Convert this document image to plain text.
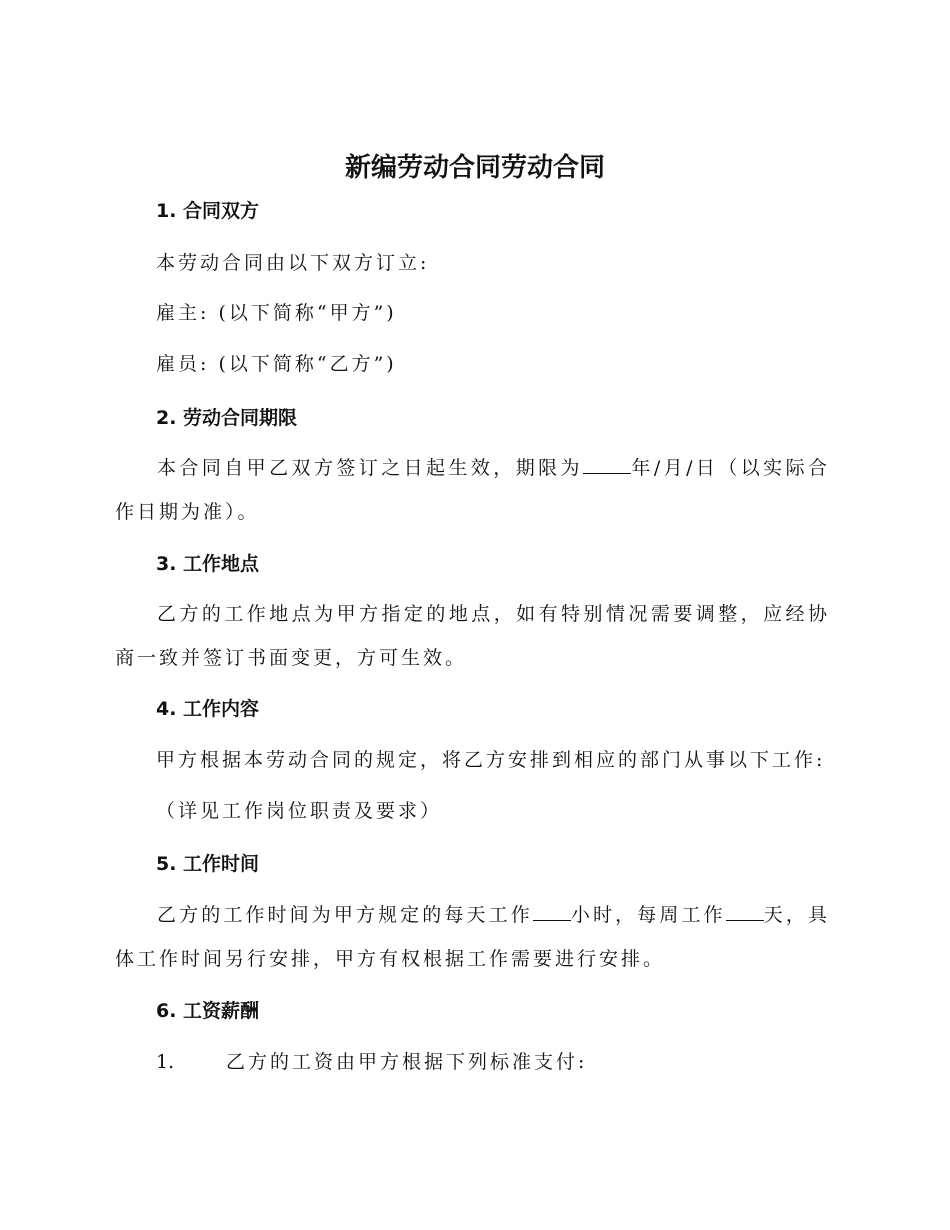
新编劳动合同劳动合同
1. 合同双方
本劳动合同由以下双方订立:
雇主: (以下简称“甲方”)
雇员: (以下简称“乙方”)
2. 劳动合同期限
本合同自甲乙双方签订之日起生效，期限为	年/月/日（以实际合作日期为准）。
3. 工作地点
乙方的工作地点为甲方指定的地点，如有特别情况需要调整，应经协商一致并签订书面变更，方可生效。
4. 工作内容
甲方根据本劳动合同的规定，将乙方安排到相应的部门从事以下工作:
（详见工作岗位职责及要求）
5. 工作时间
乙方的工作时间为甲方规定的每天工作 小时，每周工作 天，具体工作时间另行安排，甲方有权根据工作需要进行安排。
6. 工资薪酬
1.	乙方的工资由甲方根据下列标准支付:
